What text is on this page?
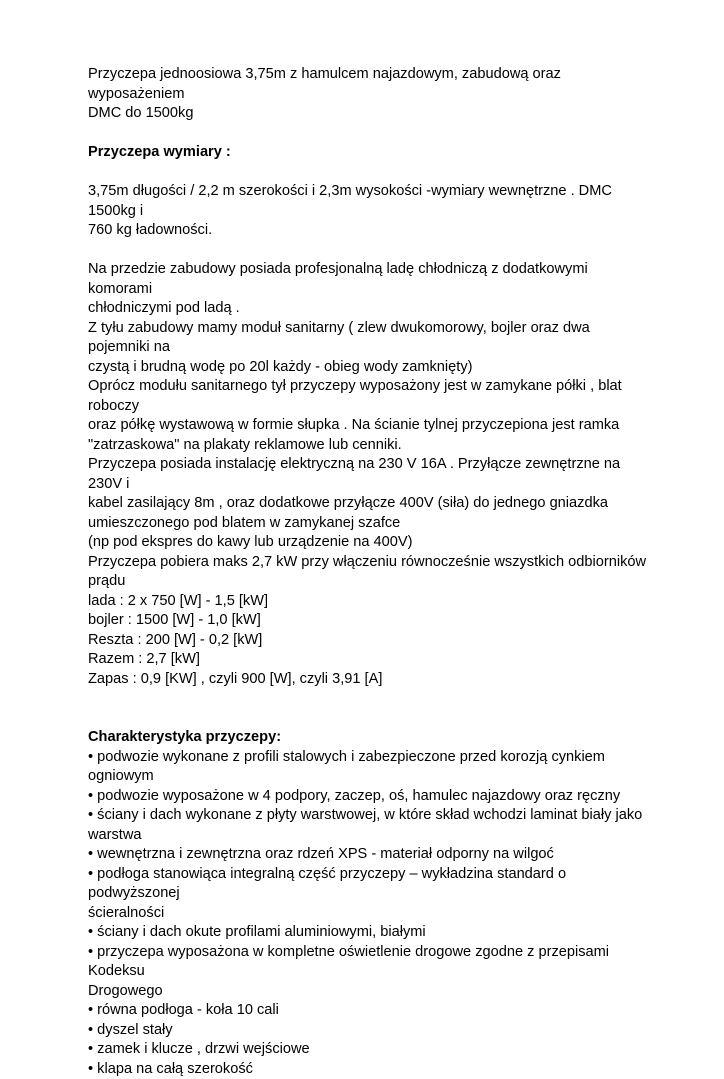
Przyczepa jednoosiowa 3,75m z hamulcem najazdowym, zabudową oraz wyposażeniem

DMC do 1500kg

Przyczepa wymiary :

3,75m długości / 2,2 m szerokości i 2,3m wysokości -wymiary wewnętrzne . DMC 1500kg i

760 kg ładowności.

Na przedzie zabudowy posiada profesjonalną ladę chłodniczą z dodatkowymi komorami

chłodniczymi pod ladą .

Z tyłu zabudowy mamy moduł sanitarny ( zlew dwukomorowy, bojler oraz dwa pojemniki na

czystą i brudną wodę po 20l każdy - obieg wody zamknięty)

Oprócz modułu sanitarnego tył przyczepy wyposażony jest w zamykane półki , blat roboczy

oraz półkę wystawową w formie słupka . Na ścianie tylnej przyczepiona jest ramka

"zatrzaskowa" na plakaty reklamowe lub cenniki.

Przyczepa posiada instalację elektryczną na 230 V 16A . Przyłącze zewnętrzne na 230V i

kabel zasilający 8m , oraz dodatkowe przyłącze 400V (siła) do jednego gniazdka

umieszczonego pod blatem w zamykanej szafce

(np pod ekspres do kawy lub urządzenie na 400V)

Przyczepa pobiera maks 2,7 kW przy włączeniu równocześnie wszystkich odbiorników

prądu

lada : 2 x 750 [W] - 1,5 [kW]

bojler : 1500 [W] - 1,0 [kW]

Reszta : 200 [W] - 0,2 [kW]

Razem : 2,7 [kW]

Zapas : 0,9 [KW] , czyli 900 [W], czyli 3,91 [A]

Charakterystyka przyczepy:

• podwozie wykonane z profili stalowych i zabezpieczone przed korozją cynkiem ogniowym

• podwozie wyposażone w 4 podpory, zaczep, oś, hamulec najazdowy oraz ręczny

• ściany i dach wykonane z płyty warstwowej, w które skład wchodzi laminat biały jako

warstwa

• wewnętrzna i zewnętrzna oraz rdzeń XPS - materiał odporny na wilgoć

• podłoga stanowiąca integralną część przyczepy – wykładzina standard o podwyższonej

ścieralności

• ściany i dach okute profilami aluminiowymi, białymi

• przyczepa wyposażona w kompletne oświetlenie drogowe zgodne z przepisami Kodeksu

Drogowego

• równa podłoga - koła 10 cali

• dyszel stały

• zamek i klucze , drzwi wejściowe

• klapa na całą szerokość
